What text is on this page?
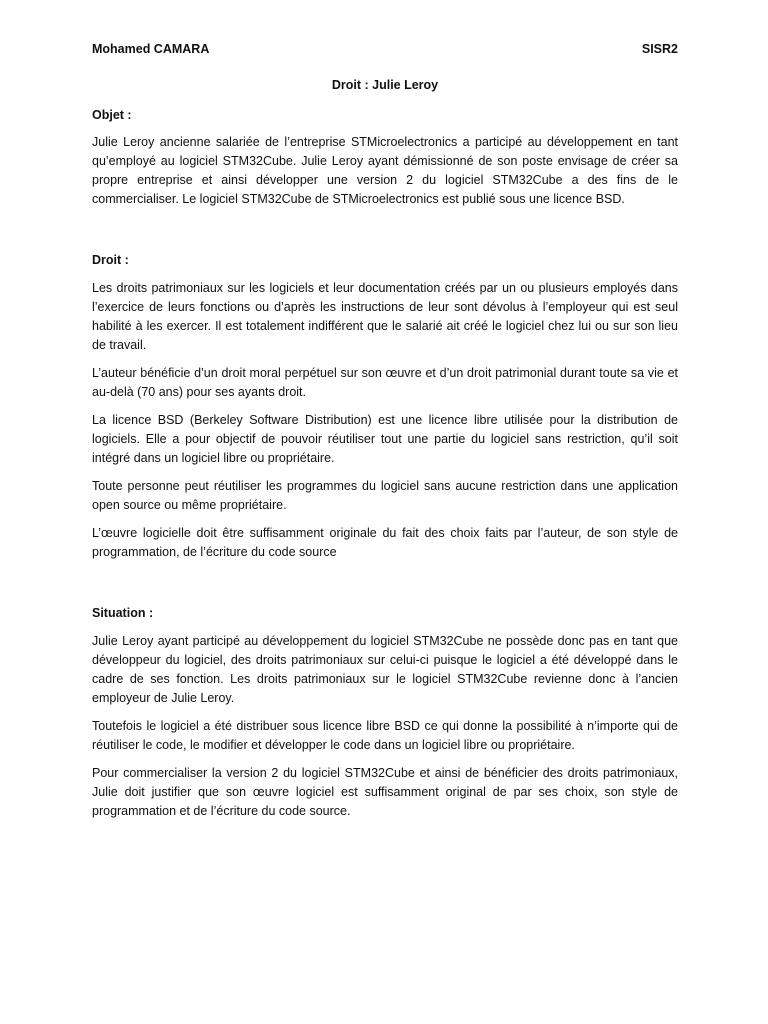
Mohamed CAMARA	SISR2
Droit : Julie Leroy
Objet :

Julie Leroy ancienne salariée de l’entreprise STMicroelectronics a participé au développement en tant qu’employé au logiciel STM32Cube. Julie Leroy ayant démissionné de son poste envisage de créer sa propre entreprise et ainsi développer une version 2 du logiciel STM32Cube a des fins de le commercialiser. Le logiciel STM32Cube de STMicroelectronics est publié sous une licence BSD.

Droit :

Les droits patrimoniaux sur les logiciels et leur documentation créés par un ou plusieurs employés dans l’exercice de leurs fonctions ou d’après les instructions de leur sont dévolus à l’employeur qui est seul habilité à les exercer. Il est totalement indifférent que le salarié ait créé le logiciel chez lui ou sur son lieu de travail.

L’auteur bénéficie d’un droit moral perpétuel sur son œuvre et d’un droit patrimonial durant toute sa vie et au-delà (70 ans) pour ses ayants droit.

La licence BSD (Berkeley Software Distribution) est une licence libre utilisée pour la distribution de logiciels. Elle a pour objectif de pouvoir réutiliser tout une partie du logiciel sans restriction, qu’il soit intégré dans un logiciel libre ou propriétaire.

Toute personne peut réutiliser les programmes du logiciel sans aucune restriction dans une application open source ou même propriétaire.

L’œuvre logicielle doit être suffisamment originale du fait des choix faits par l’auteur, de son style de programmation, de l’écriture du code source

Situation :

Julie Leroy ayant participé au développement du logiciel STM32Cube ne possède donc pas en tant que développeur du logiciel, des droits patrimoniaux sur celui-ci puisque le logiciel a été développé dans le cadre de ses fonction. Les droits patrimoniaux sur le logiciel STM32Cube revienne donc à l’ancien employeur de Julie Leroy.

Toutefois le logiciel a été distribuer sous licence libre BSD ce qui donne la possibilité à n’importe qui de réutiliser le code, le modifier et développer le code dans un logiciel libre ou propriétaire.

Pour commercialiser la version 2 du logiciel STM32Cube et ainsi de bénéficier des droits patrimoniaux, Julie doit justifier que son œuvre logiciel est suffisamment original de par ses choix, son style de programmation et de l’écriture du code source.
